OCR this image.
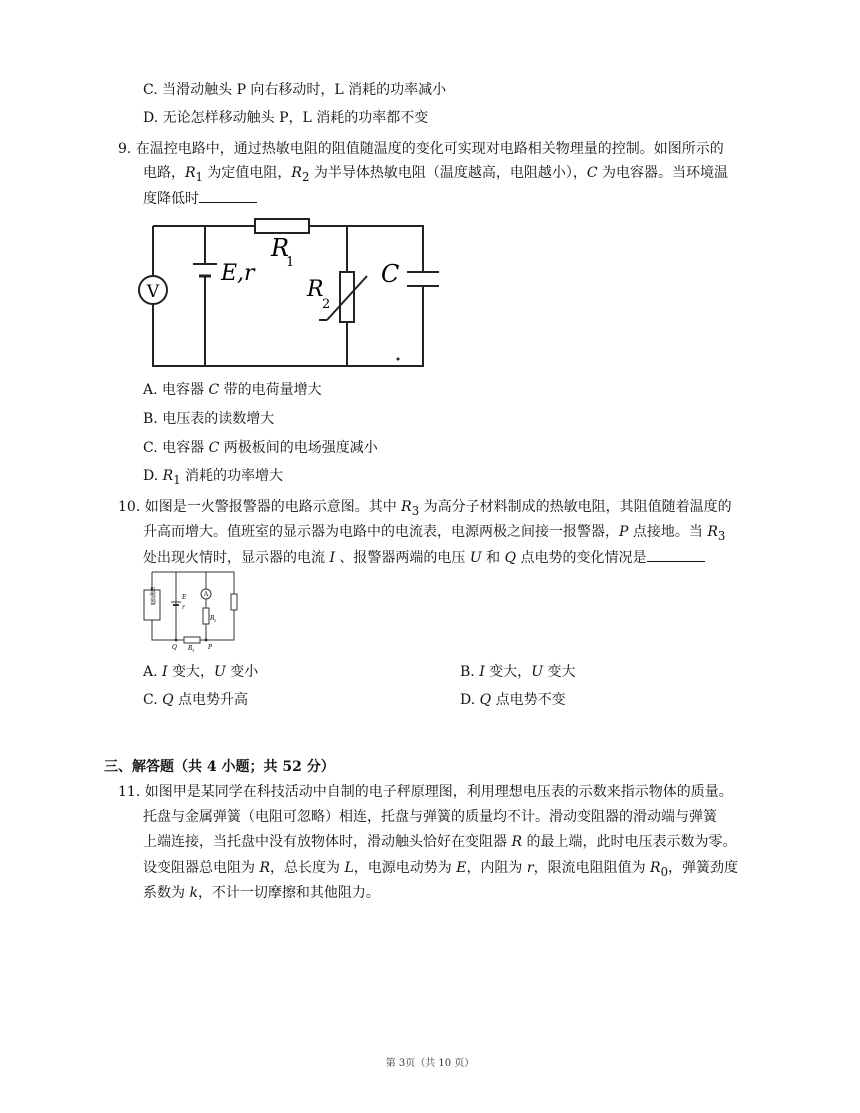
C. 当滑动触头 P 向右移动时，L 消耗的功率减小
D. 无论怎样移动触头 P，L 消耗的功率都不变
9. 在温控电路中，通过热敏电阻的阻值随温度的变化可实现对电路相关物理量的控制。如图所示的
电路，$R_1$ 为定值电阻，$R_2$ 为半导体热敏电阻（温度越高，电阻越小），C 为电容器。当环境温
度降低时
V
E,r
R
1
R
2
C
A. 电容器 C 带的电荷量增大
B. 电压表的读数增大
C. 电容器 C 两极板间的电场强度减小
D. $R_1$ 消耗的功率增大
10. 如图是一火警报警器的电路示意图。其中 $R_3$ 为高分子材料制成的热敏电阻，其阻值随着温度的
升高而增大。值班室的显示器为电路中的电流表，电源两极之间接一报警器，P 点接地。当 $R_3$
处出现火情时，显示器的电流 I 、报警器两端的电压 U 和 Q 点电势的变化情况是
报警器	E
r
A
R 2
R 1
Q	P
A. I 变大，U 变小	B. I 变大，U 变大
C. Q 点电势升高	D. Q 点电势不变
三、解答题（共 4 小题；共 52 分）
11. 如图甲是某同学在科技活动中自制的电子秤原理图，利用理想电压表的示数来指示物体的质量。
托盘与金属弹簧（电阻可忽略）相连，托盘与弹簧的质量均不计。滑动变阻器的滑动端与弹簧
上端连接，当托盘中没有放物体时，滑动触头恰好在变阻器 R 的最上端，此时电压表示数为零。
设变阻器总电阻为 R，总长度为 L，电源电动势为 E，内阻为 r，限流电阻阻值为 $R_0$，弹簧劲度
系数为 k，不计一切摩擦和其他阻力。
第 3页（共 10 页）
